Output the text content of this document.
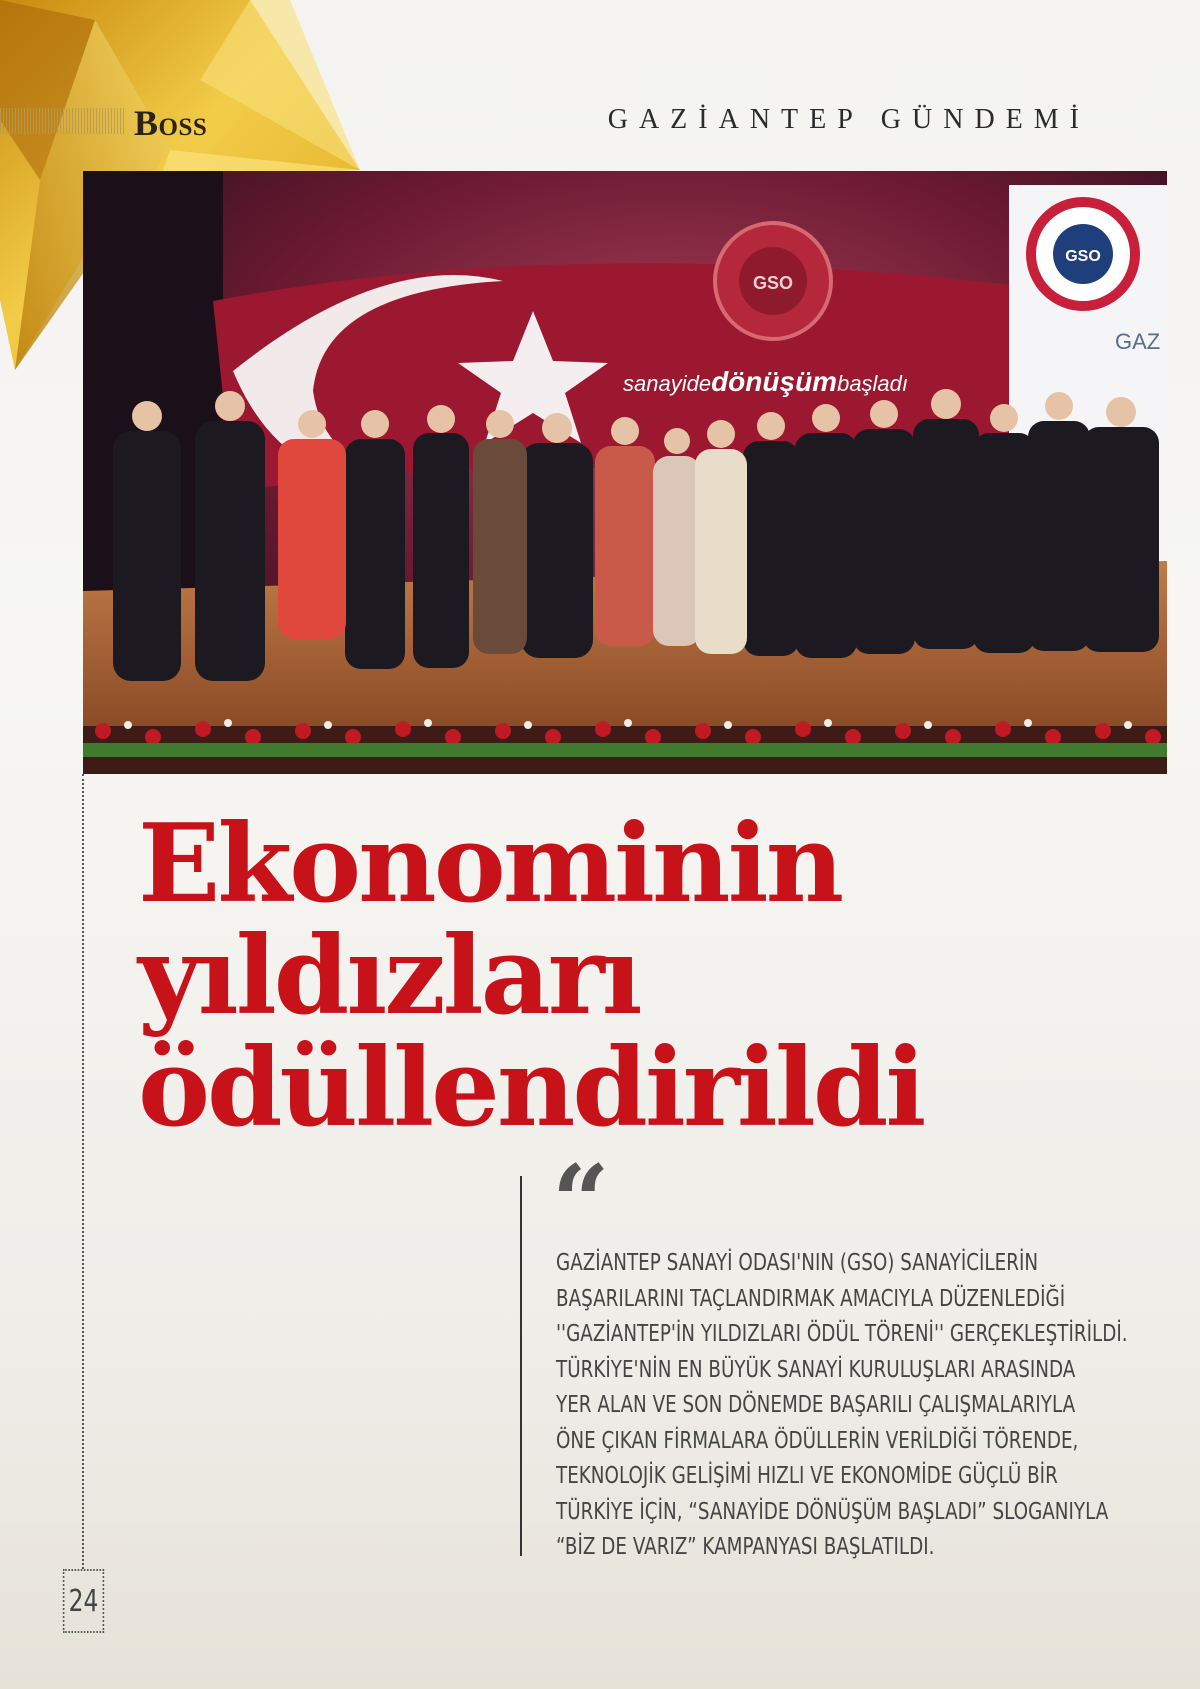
Boss	GAZİANTEP GÜNDEMİ
GSO
sanayidedönüşümbaşladı
GSO
GAZ
Ekonominin
yıldızları
ödüllendirildi
“
GAZİANTEP SANAYİ ODASI'NIN (GSO) SANAYİCİLERİN
BAŞARILARINI TAÇLANDIRMAK AMACIYLA DÜZENLEDİĞİ
''GAZİANTEP'İN YILDIZLARI ÖDÜL TÖRENİ'' GERÇEKLEŞTİRİLDİ.
TÜRKİYE'NİN EN BÜYÜK SANAYİ KURULUŞLARI ARASINDA
YER ALAN VE SON DÖNEMDE BAŞARILI ÇALIŞMALARIYLA
ÖNE ÇIKAN FİRMALARA ÖDÜLLERİN VERİLDİĞİ TÖRENDE,
TEKNOLOJİK GELİŞİMİ HIZLI VE EKONOMİDE GÜÇLÜ BİR
TÜRKİYE İÇİN, “SANAYİDE DÖNÜŞÜM BAŞLADI” SLOGANIYLA
“BİZ DE VARIZ” KAMPANYASI BAŞLATILDI.
24
